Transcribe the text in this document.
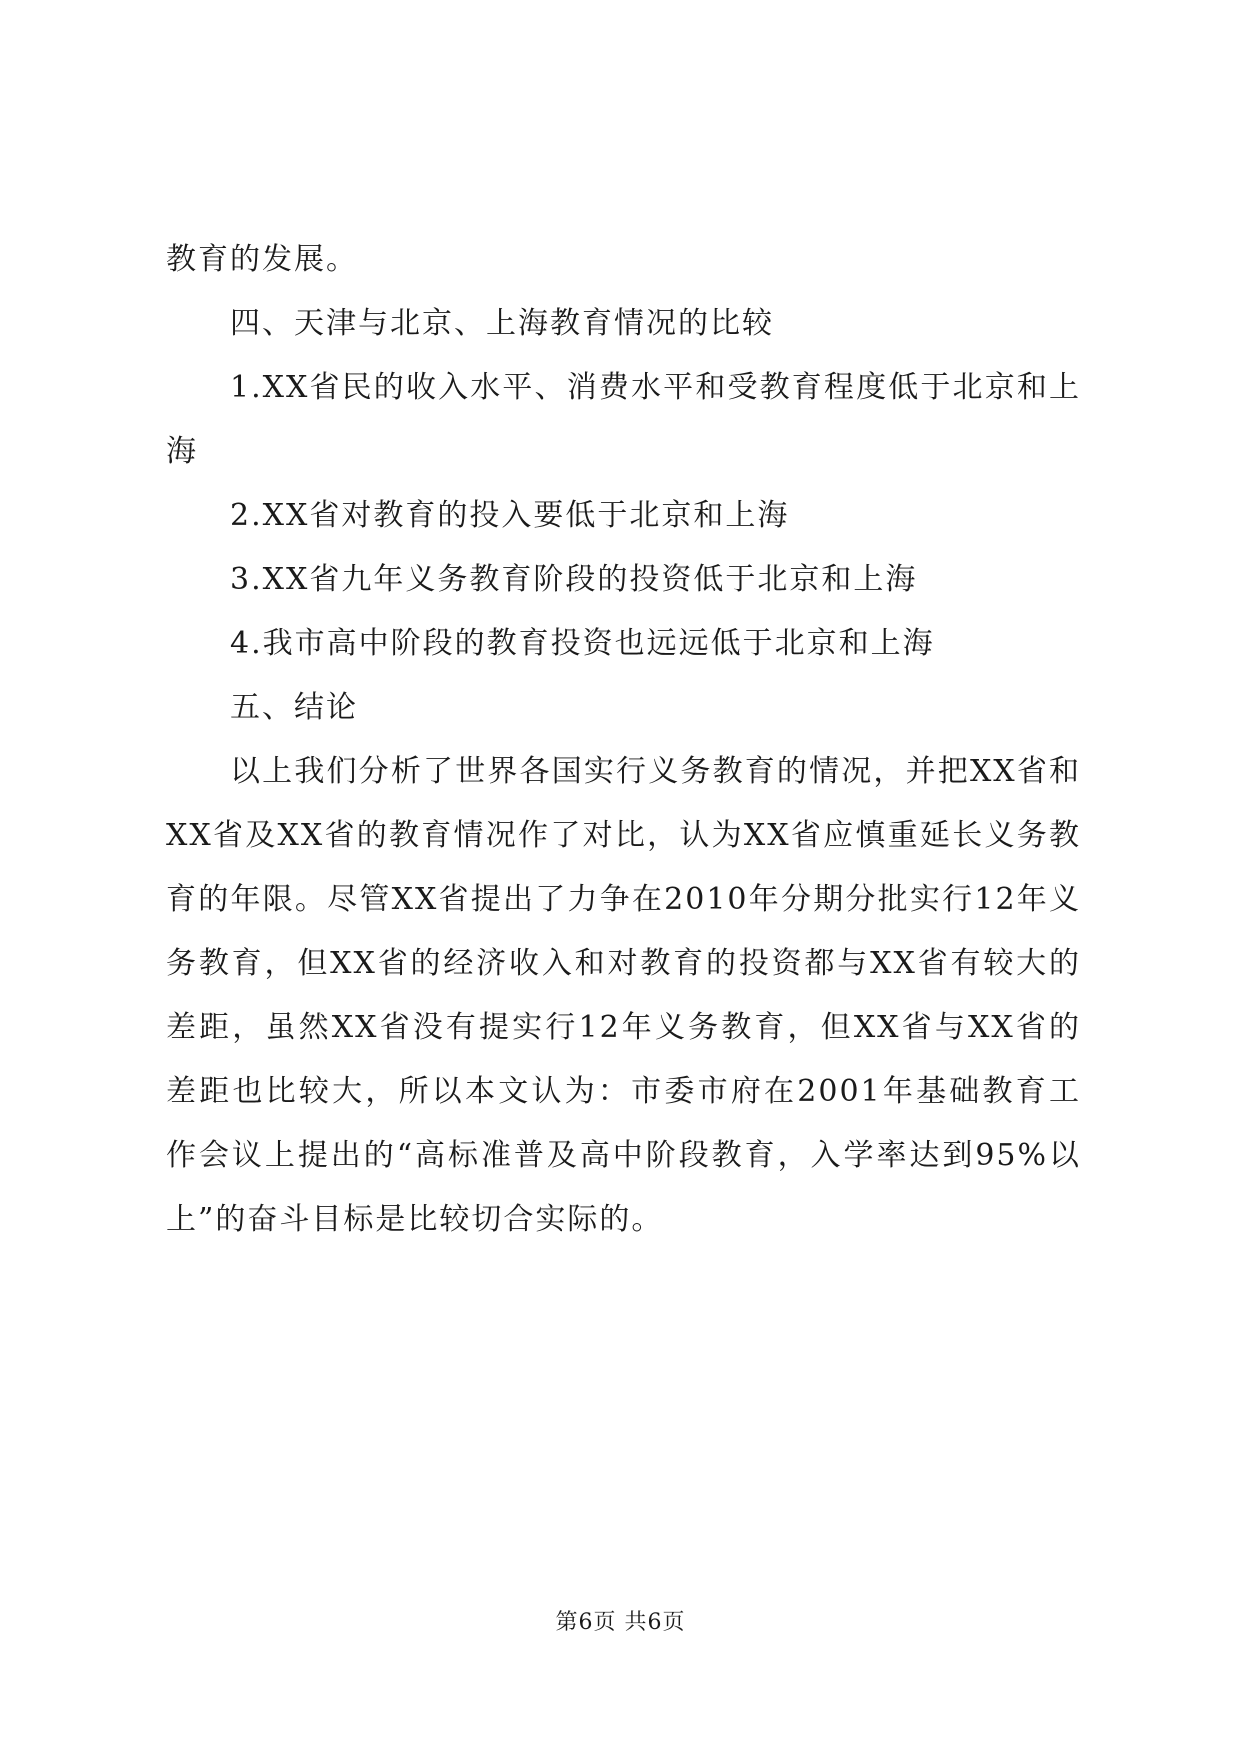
教育的发展。

四、天津与北京、上海教育情况的比较

1.XX省民的收入水平、消费水平和受教育程度低于北京和上海

2.XX省对教育的投入要低于北京和上海

3.XX省九年义务教育阶段的投资低于北京和上海

4.我市高中阶段的教育投资也远远低于北京和上海

五、结论

以上我们分析了世界各国实行义务教育的情况，并把XX省和XX省及XX省的教育情况作了对比，认为XX省应慎重延长义务教育的年限。尽管XX省提出了力争在2010年分期分批实行12年义务教育，但XX省的经济收入和对教育的投资都与XX省有较大的差距，虽然XX省没有提实行12年义务教育，但XX省与XX省的差距也比较大，所以本文认为：市委市府在2001年基础教育工作会议上提出的“高标准普及高中阶段教育，入学率达到95%以上”的奋斗目标是比较切合实际的。

第6页 共6页
